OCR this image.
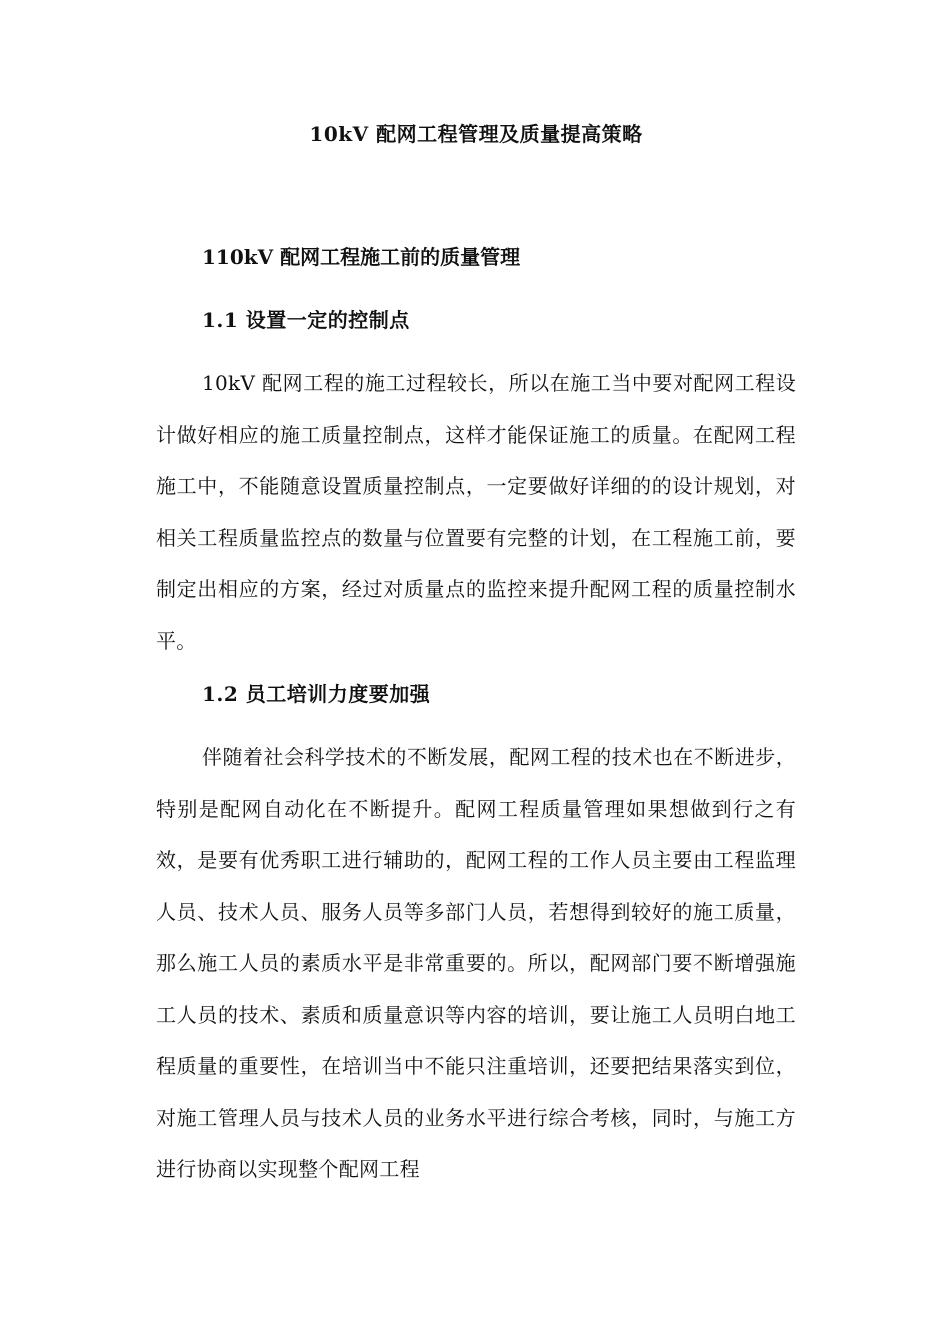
10kV 配网工程管理及质量提高策略
110kV 配网工程施工前的质量管理
1.1 设置一定的控制点

10kV 配网工程的施工过程较长，所以在施工当中要对配网工程设计做好相应的施工质量控制点，这样才能保证施工的质量。在配网工程施工中，不能随意设置质量控制点，一定要做好详细的的设计规划，对相关工程质量监控点的数量与位置要有完整的计划，在工程施工前，要制定出相应的方案，经过对质量点的监控来提升配网工程的质量控制水平。

1.2 员工培训力度要加强

伴随着社会科学技术的不断发展，配网工程的技术也在不断进步，特别是配网自动化在不断提升。配网工程质量管理如果想做到行之有效，是要有优秀职工进行辅助的，配网工程的工作人员主要由工程监理人员、技术人员、服务人员等多部门人员，若想得到较好的施工质量，那么施工人员的素质水平是非常重要的。所以，配网部门要不断增强施工人员的技术、素质和质量意识等内容的培训，要让施工人员明白地工程质量的重要性，在培训当中不能只注重培训，还要把结果落实到位，对施工管理人员与技术人员的业务水平进行综合考核，同时，与施工方进行协商以实现整个配网工程
